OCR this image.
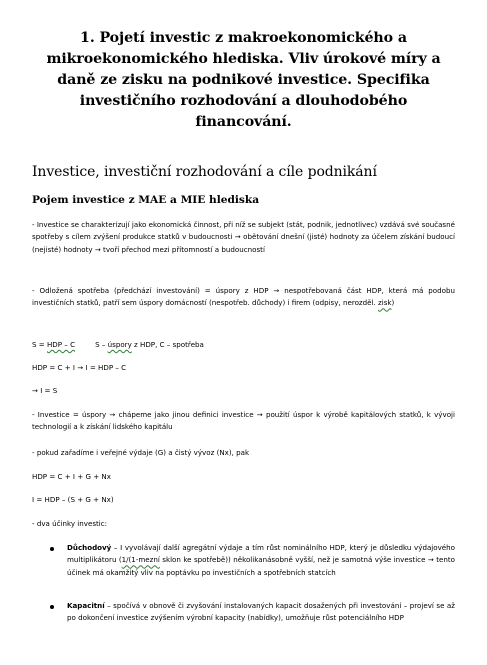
1. Pojetí investic z makroekonomického a mikroekonomického hlediska. Vliv úrokové míry a daně ze zisku na podnikové investice. Specifika investičního rozhodování a dlouhodobého financování.
Investice, investiční rozhodování a cíle podnikání
Pojem investice z MAE a MIE hlediska

- Investice se charakterizují jako ekonomická činnost, při níž se subjekt (stát, podnik, jednotlivec) vzdává své současné spotřeby s cílem zvýšení produkce statků v budoucnosti → obětování dnešní (jisté) hodnoty za účelem získání budoucí (nejisté) hodnoty → tvoří přechod mezi přítomností a budoucností

- Odložená spotřeba (předchází investování) = úspory z HDP → nespotřebovaná část HDP, která má podobu investičních statků, patří sem úspory domácností (nespotřeb. důchody) i firem (odpisy, nerozděl. zisk)

S = HDP – C	S – úspory z HDP, C – spotřeba
HDP = C + I → I = HDP – C
→ I = S

- Investice = úspory → chápeme jako jinou definici investice → použití úspor k výrobě kapitálových statků, k vývoji technologií a k získání lidského kapitálu

- pokud zařadíme i veřejné výdaje (G) a čistý vývoz (Nx), pak
HDP = C + I + G + Nx
I = HDP – (S + G + Nx)
- dva účinky investic:

Důchodový – I vyvolávají další agregátní výdaje a tím růst nominálního HDP, který je důsledku výdajového multiplikátoru (1/(1-mezní sklon ke spotřebě)) několikanásobně vyšší, než je samotná výše investice → tento účinek má okamžitý vliv na poptávku po investičních a spotřebních statcích

Kapacitní – spočívá v obnově či zvyšování instalovaných kapacit dosažených při investování – projeví se až po dokončení investice zvýšením výrobní kapacity (nabídky), umožňuje růst potenciálního HDP
